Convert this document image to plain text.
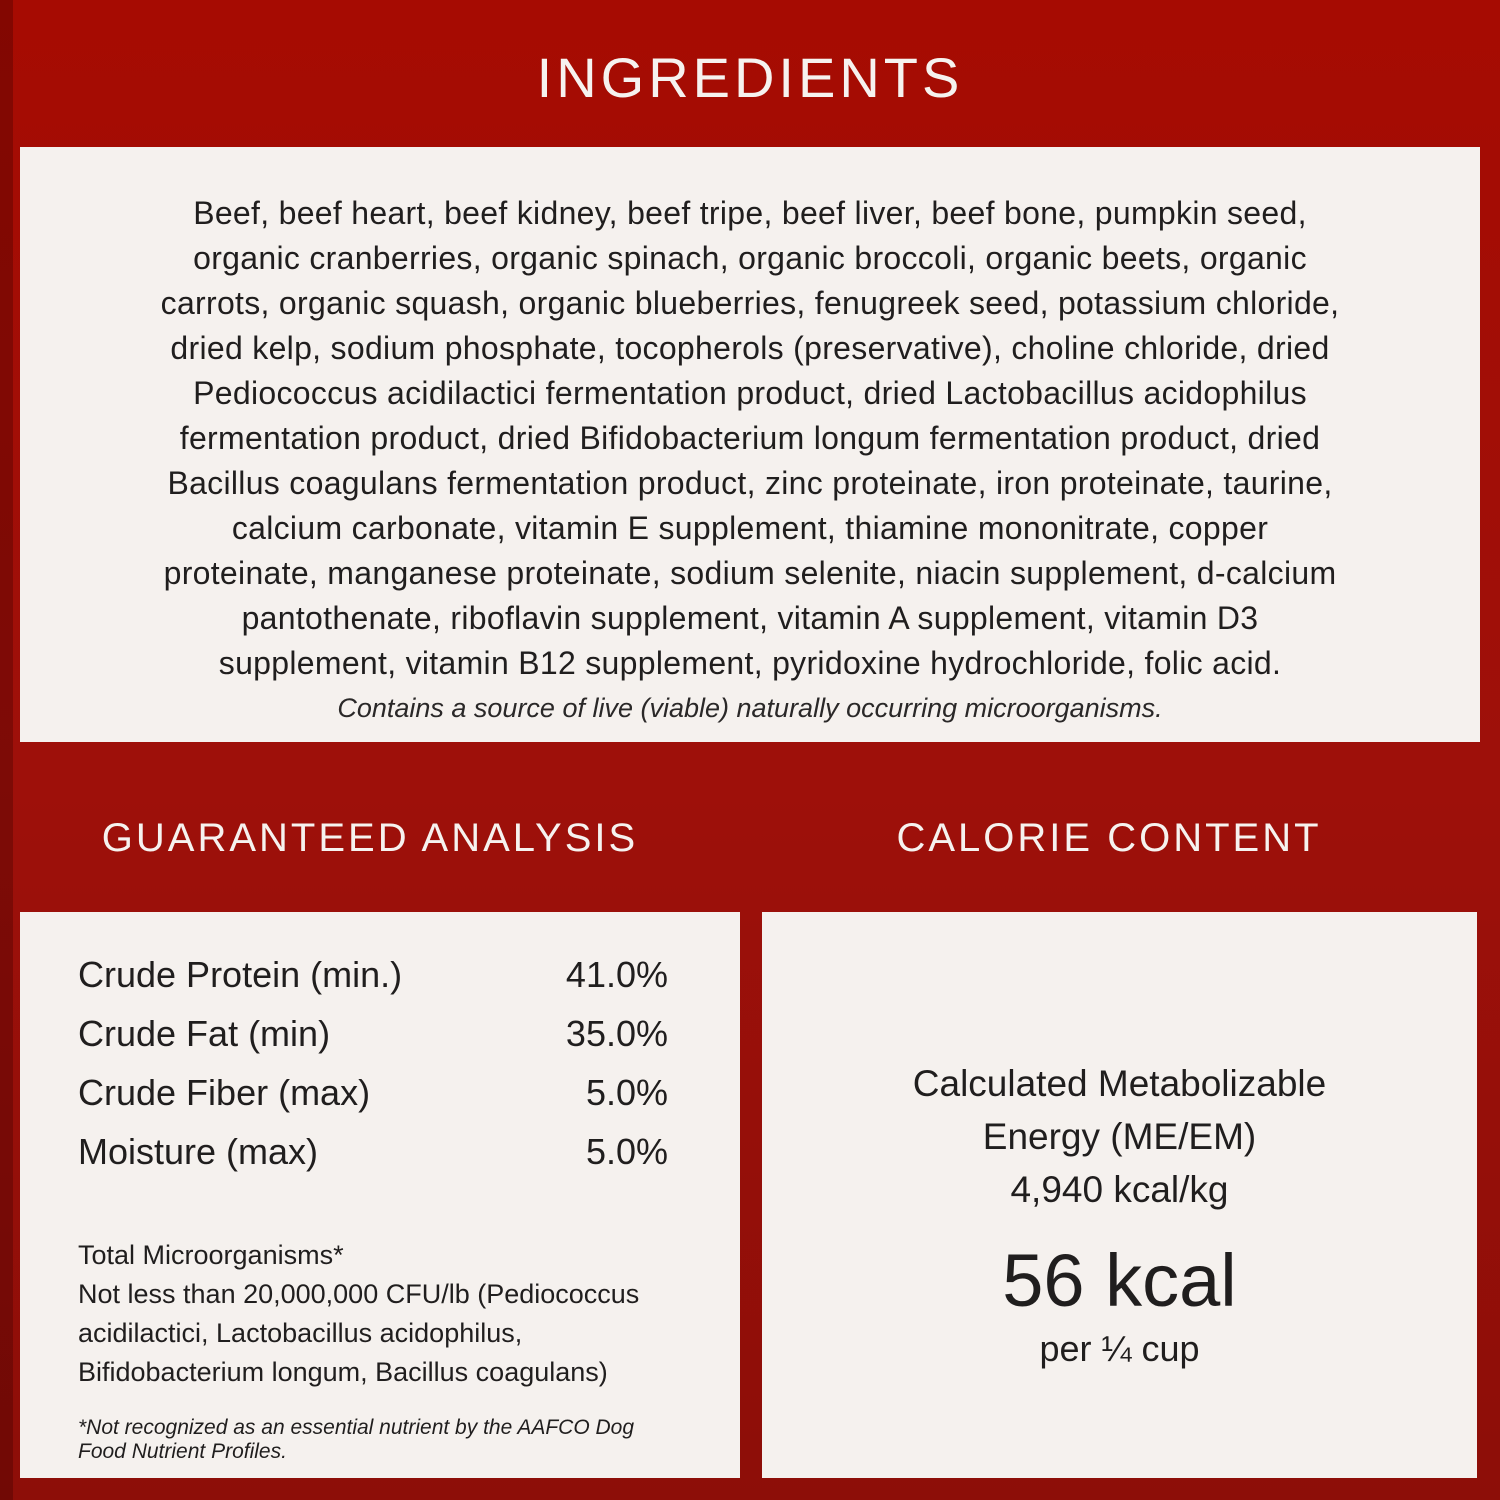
INGREDIENTS
Beef, beef heart, beef kidney, beef tripe, beef liver, beef bone, pumpkin seed,
organic cranberries, organic spinach, organic broccoli, organic beets, organic
carrots, organic squash, organic blueberries, fenugreek seed, potassium chloride,
dried kelp, sodium phosphate, tocopherols (preservative), choline chloride, dried
Pediococcus acidilactici fermentation product, dried Lactobacillus acidophilus
fermentation product, dried Bifidobacterium longum fermentation product, dried
Bacillus coagulans fermentation product, zinc proteinate, iron proteinate, taurine,
calcium carbonate, vitamin E supplement, thiamine mononitrate, copper
proteinate, manganese proteinate, sodium selenite, niacin supplement, d-calcium
pantothenate, riboflavin supplement, vitamin A supplement, vitamin D3
supplement, vitamin B12 supplement, pyridoxine hydrochloride, folic acid.
Contains a source of live (viable) naturally occurring microorganisms.
GUARANTEED ANALYSIS	CALORIE CONTENT
Crude Protein (min.)	41.0%
Crude Fat (min)	35.0%
Crude Fiber (max)	5.0%
Moisture (max)	5.0%
Total Microorganisms*
Not less than 20,000,000 CFU/lb (Pediococcus
acidilactici, Lactobacillus acidophilus,
Bifidobacterium longum, Bacillus coagulans)
*Not recognized as an essential nutrient by the AAFCO Dog Food Nutrient Profiles.
Calculated Metabolizable
Energy (ME/EM)
4,940 kcal/kg
56 kcal
per ¼ cup
